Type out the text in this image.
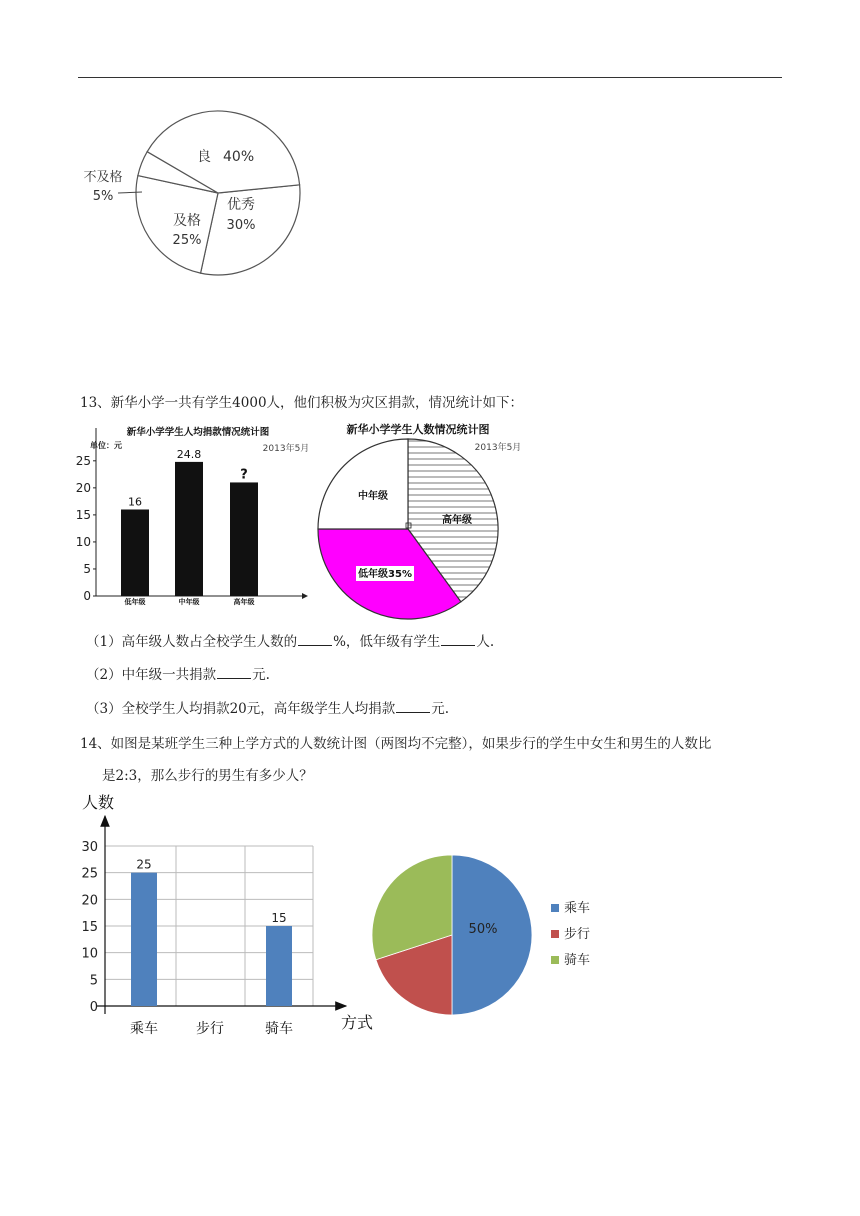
良
优秀
30%
及格
不及格
40%
25%
5%
13、新华小学一共有学生4000人，他们积极为灾区捐款，情况统计如下：
新华小学学生人均捐款情况统计图
单位：元	2013年5月
0
5
10
15
20
25
16
低年级
24.8
中年级
?
高年级
新华小学学生人数情况统计图
2013年5月
中年级
高年级
低年级35%
（1）高年级人数占全校学生人数的	%，低年级有学生	人.
（2）中年级一共捐款	元.
（3）全校学生人均捐款20元，高年级学生人均捐款	元.
14、如图是某班学生三种上学方式的人数统计图（两图均不完整），如果步行的学生中女生和男生的人数比
是2:3，那么步行的男生有多少人？
人数
方式
0
5
10
15
20
25
30
25
乘车	步行
15
骑车
50%
乘车
步行
骑车
